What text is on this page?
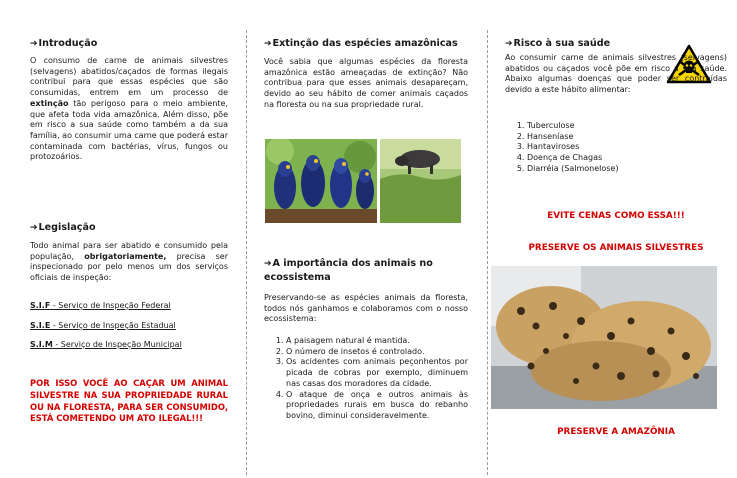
➔Introdução

O consumo de carne de animais silvestres (selvagens) abatidos/caçados de formas ilegais contribui para que essas espécies que são consumidas, entrem em um processo de extinção tão perigoso para o meio ambiente, que afeta toda vida amazônica. Além disso, põe em risco a sua saúde como também a da sua família, ao consumir uma carne que poderá estar contaminada com bactérias, vírus, fungos ou protozoários.

➔Legislação

Todo animal para ser abatido e consumido pela população, obrigatoriamente, precisa ser inspecionado por pelo menos um dos serviços oficiais de inspeção:

S.I.F - Serviço de Inspeção Federal
S.I.E - Serviço de Inspeção Estadual
S.I.M - Serviço de Inspeção Municipal

POR ISSO VOCÊ AO CAÇAR UM ANIMAL SILVESTRE NA SUA PROPRIEDADE RURAL OU NA FLORESTA, PARA SER CONSUMIDO, ESTÁ COMETENDO UM ATO ILEGAL!!!

➔Extinção das espécies amazônicas

Você sabia que algumas espécies da floresta amazônica estão ameaçadas de extinção? Não contribua para que esses animais desapareçam, devido ao seu hábito de comer animais caçados na floresta ou na sua propriedade rural.

➔A importância dos animais no ecossistema

Preservando-se as espécies animais da floresta, todos nós ganhamos e colaboramos com o nosso ecossistema:

1. A paisagem natural é mantida.
2. O número de insetos é controlado.
3. Os acidentes com animais peçonhentos por picada de cobras por exemplo, diminuem nas casas dos moradores da cidade.
4. O ataque de onça e outros animais às propriedades rurais em busca do rebanho bovino, diminui consideravelmente.
➔Risco à sua saúde

Ao consumir carne de animais silvestres (selvagens) abatidos ou caçados você põe em risco a sua saúde. Abaixo algumas doenças que poder ser contraídas devido a este hábito alimentar:

1. Tuberculose
2. Hanseníase
3. Hantaviroses
4. Doença de Chagas
5. Diarréia (Salmonelose)
EVITE CENAS COMO ESSA!!!
PRESERVE OS ANIMAIS SILVESTRES
PRESERVE A AMAZÔNIA
